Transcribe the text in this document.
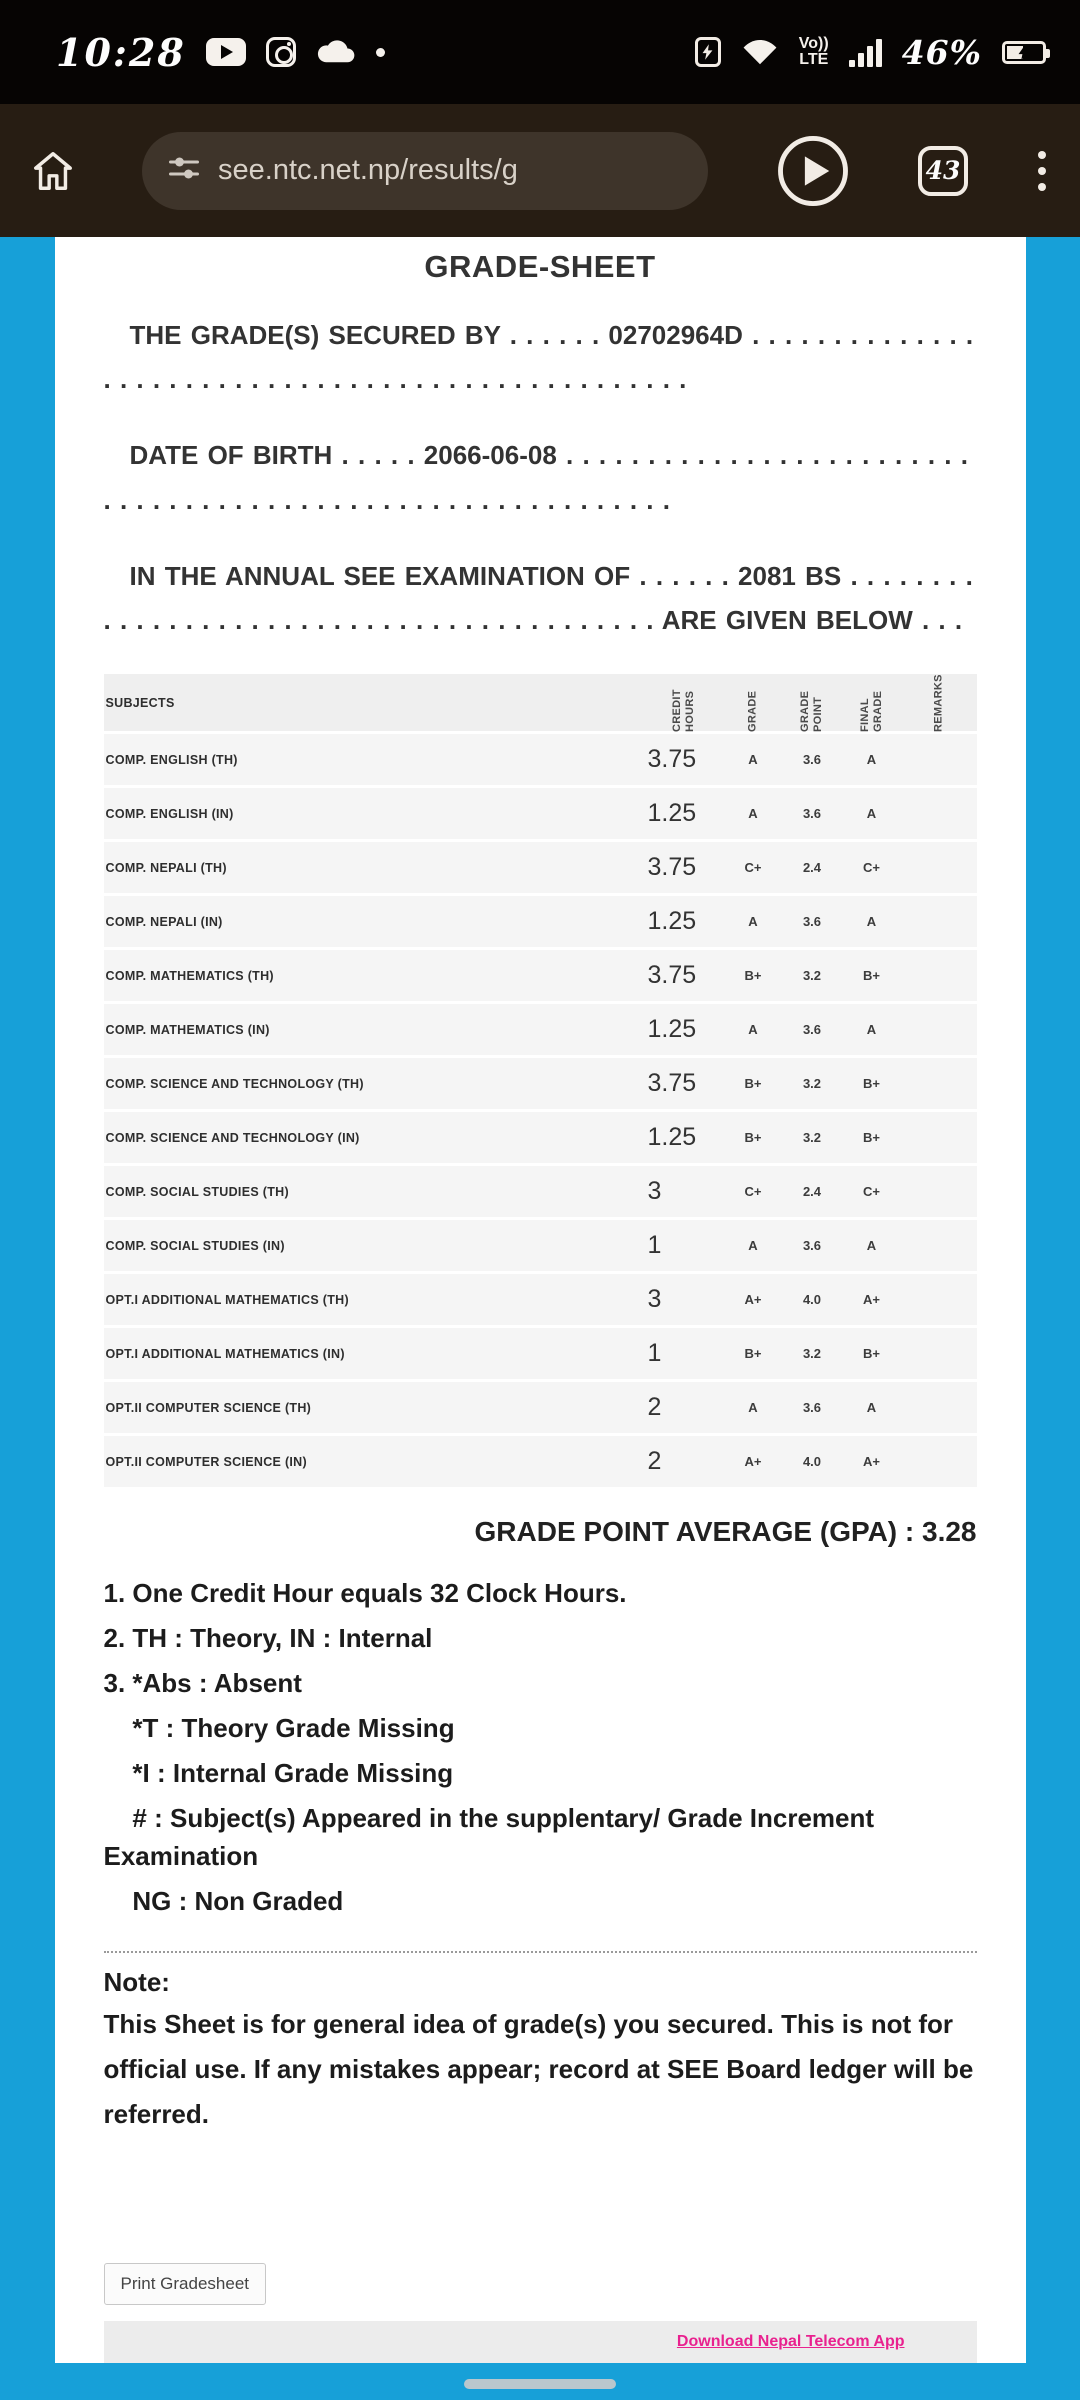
10:28	Vo))
LTE 46%
see.ntc.net.np/results/g	43
GRADE-SHEET

THE GRADE(S) SECURED BY . . . . . . 02702964D . . . . . . . . . . . . . . . . . . . . . . . . . . . . . . . . . . . . . . . . . . . . . . . . . .

DATE OF BIRTH . . . . . 2066-06-08 . . . . . . . . . . . . . . . . . . . . . . . . . . . . . . . . . . . . . . . . . . . . . . . . . . . . . . . . . . . .

IN THE ANNUAL SEE EXAMINATION OF . . . . . . 2081 BS . . . . . . . . . . . . . . . . . . . . . . . . . . . . . . . . . . . . . . . . . . ARE GIVEN BELOW . . .

SUBJECTS	CREDIT HOURS	GRADE	GRADE POINT	FINAL GRADE	REMARKS
COMP. ENGLISH (TH)	3.75	A	3.6	A
COMP. ENGLISH (IN)	1.25	A	3.6	A
COMP. NEPALI (TH)	3.75	C+	2.4	C+
COMP. NEPALI (IN)	1.25	A	3.6	A
COMP. MATHEMATICS (TH)	3.75	B+	3.2	B+
COMP. MATHEMATICS (IN)	1.25	A	3.6	A
COMP. SCIENCE AND TECHNOLOGY (TH)	3.75	B+	3.2	B+
COMP. SCIENCE AND TECHNOLOGY (IN)	1.25	B+	3.2	B+
COMP. SOCIAL STUDIES (TH)	3	C+	2.4	C+
COMP. SOCIAL STUDIES (IN)	1	A	3.6	A
OPT.I ADDITIONAL MATHEMATICS (TH)	3	A+	4.0	A+
OPT.I ADDITIONAL MATHEMATICS (IN)	1	B+	3.2	B+
OPT.II COMPUTER SCIENCE (TH)	2	A	3.6	A
OPT.II COMPUTER SCIENCE (IN)	2	A+	4.0	A+

GRADE POINT AVERAGE (GPA) : 3.28

1. One Credit Hour equals 32 Clock Hours.

2. TH : Theory, IN : Internal

3. *Abs : Absent

*T : Theory Grade Missing

*I : Internal Grade Missing

# : Subject(s) Appeared in the supplentary/ Grade Increment Examination

NG : Non Graded

Note:

This Sheet is for general idea of grade(s) you secured. This is not for official use. If any mistakes appear; record at SEE Board ledger will be referred.

Print Gradesheet
Download Nepal Telecom App
